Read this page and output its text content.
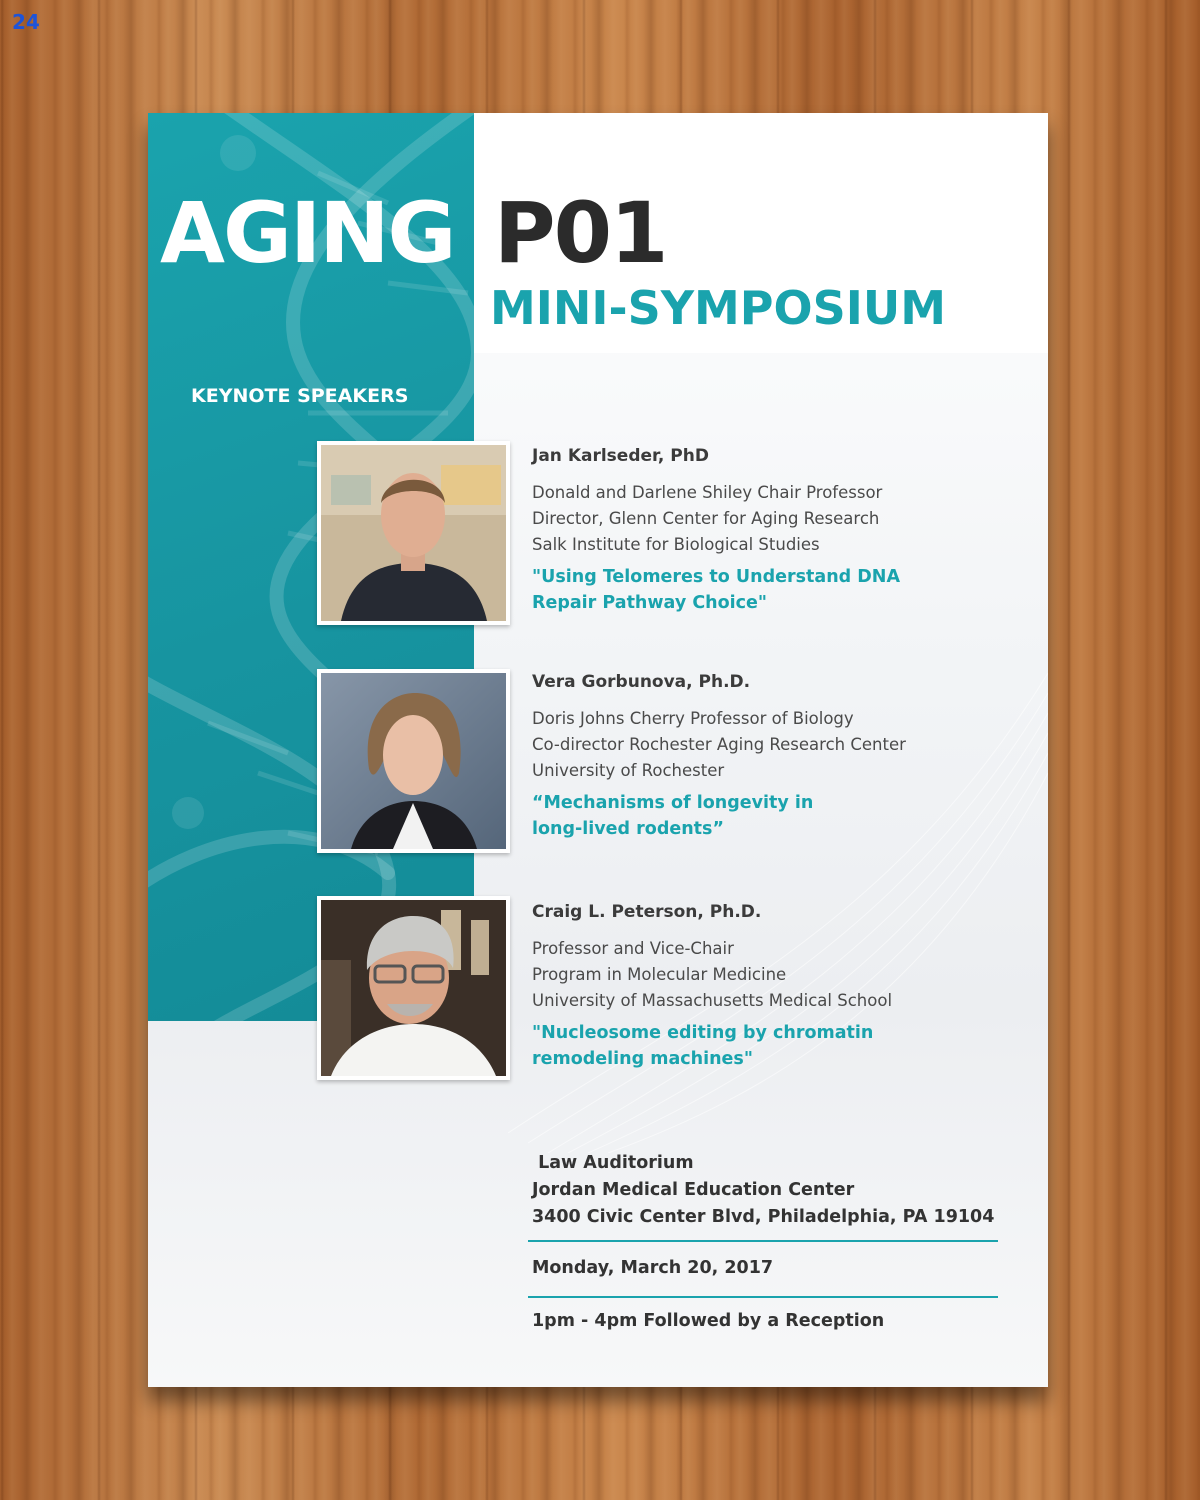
24
AGING P01
MINI-SYMPOSIUM
KEYNOTE SPEAKERS
Jan Karlseder, PhD
Donald and Darlene Shiley Chair Professor
Director, Glenn Center for Aging Research
Salk Institute for Biological Studies
"Using Telomeres to Understand DNA
Repair Pathway Choice"
Vera Gorbunova, Ph.D.
Doris Johns Cherry Professor of Biology
Co-director Rochester Aging Research Center
University of Rochester
“Mechanisms of longevity in
long-lived rodents”
Craig L. Peterson, Ph.D.
Professor and Vice-Chair
Program in Molecular Medicine
University of Massachusetts Medical School
"Nucleosome editing by chromatin
remodeling machines"
Law Auditorium
Jordan Medical Education Center
3400 Civic Center Blvd, Philadelphia, PA 19104
Monday, March 20, 2017
1pm - 4pm Followed by a Reception
